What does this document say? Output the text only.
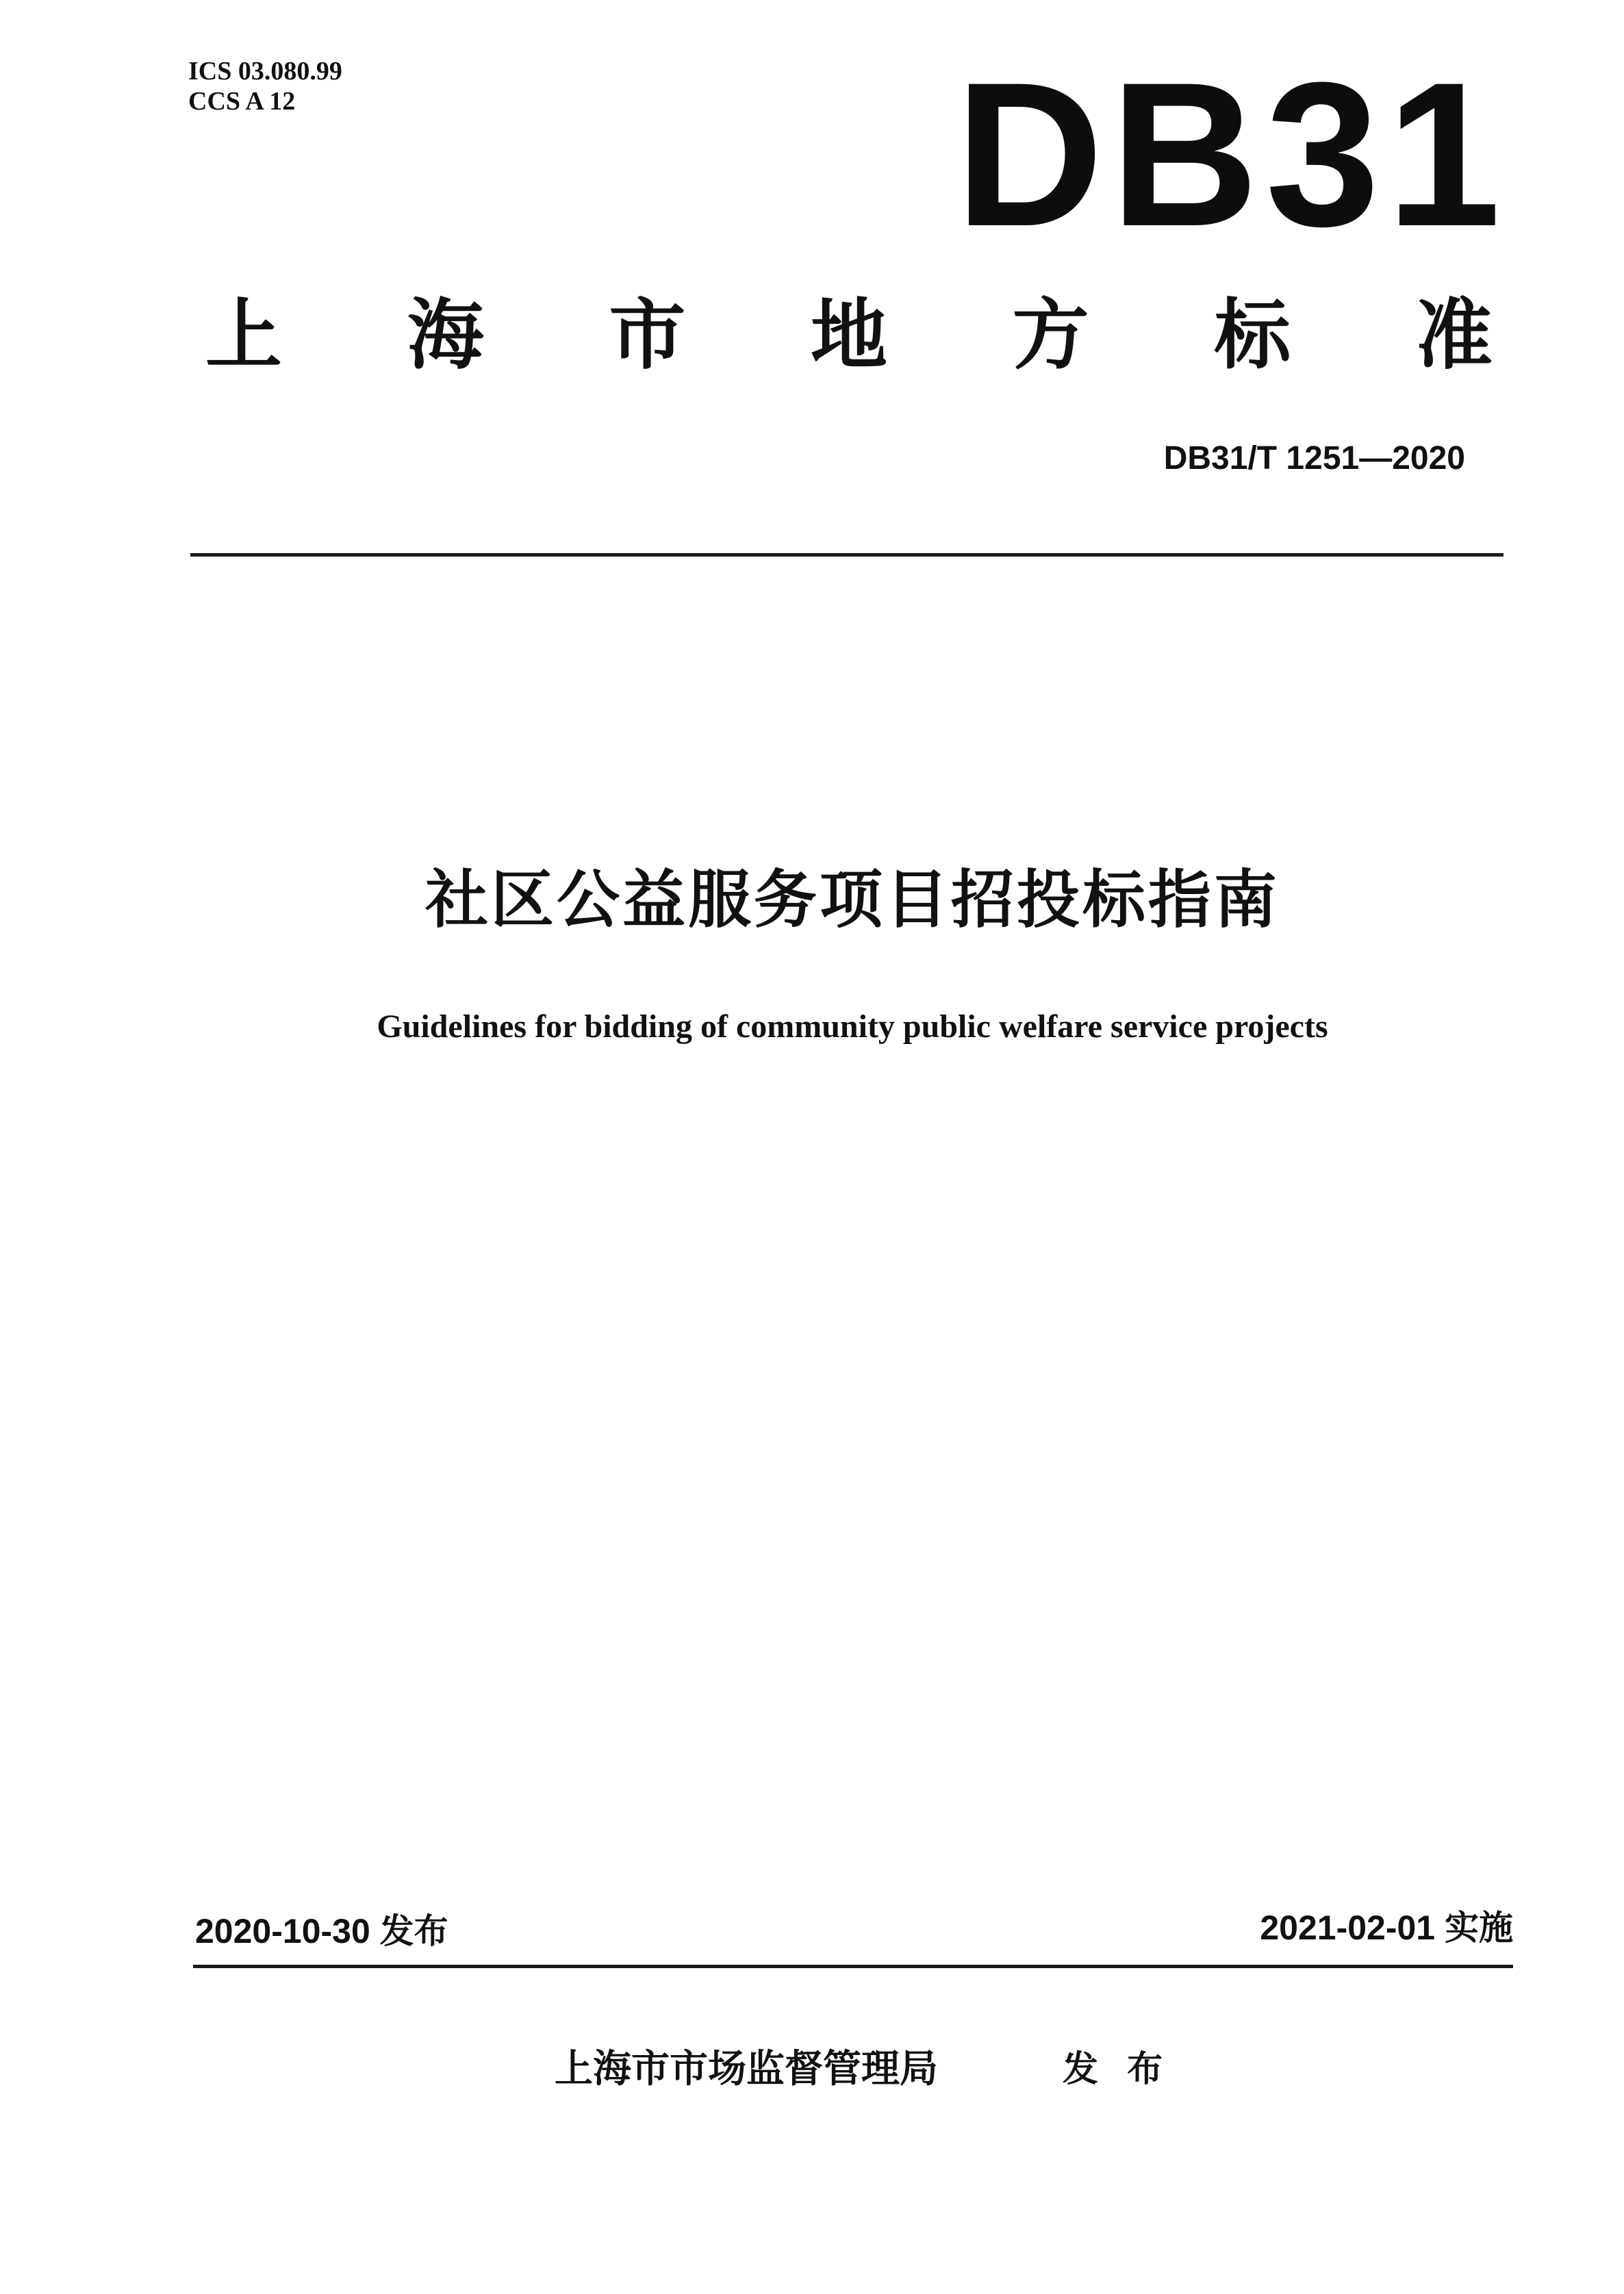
ICS 03.080.99
CCS A 12	DB31
上 海 市 地 方 标 准
DB31/T 1251—2020
社区公益服务项目招投标指南
Guidelines for bidding of community public welfare service projects
2020-10-30 发布	2021-02-01 实施
上海市市场监督管理局	发 布
